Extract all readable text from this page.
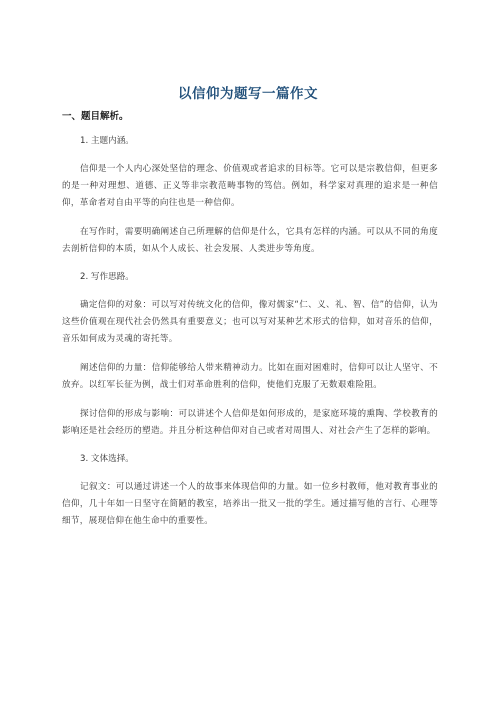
以信仰为题写一篇作文
一、题目解析。

1. 主题内涵。

信仰是一个人内心深处坚信的理念、价值观或者追求的目标等。它可以是宗教信仰，但更多的是一种对理想、道德、正义等非宗教范畴事物的笃信。例如，科学家对真理的追求是一种信仰，革命者对自由平等的向往也是一种信仰。

在写作时，需要明确阐述自己所理解的信仰是什么，它具有怎样的内涵。可以从不同的角度去剖析信仰的本质，如从个人成长、社会发展、人类进步等角度。

2. 写作思路。

确定信仰的对象：可以写对传统文化的信仰，像对儒家“仁、义、礼、智、信”的信仰，认为这些价值观在现代社会仍然具有重要意义；也可以写对某种艺术形式的信仰，如对音乐的信仰，音乐如何成为灵魂的寄托等。

阐述信仰的力量：信仰能够给人带来精神动力。比如在面对困难时，信仰可以让人坚守、不放弃。以红军长征为例，战士们对革命胜利的信仰，使他们克服了无数艰难险阻。

探讨信仰的形成与影响：可以讲述个人信仰是如何形成的，是家庭环境的熏陶、学校教育的影响还是社会经历的塑造。并且分析这种信仰对自己或者对周围人、对社会产生了怎样的影响。

3. 文体选择。

记叙文：可以通过讲述一个人的故事来体现信仰的力量。如一位乡村教师，他对教育事业的信仰，几十年如一日坚守在简陋的教室，培养出一批又一批的学生。通过描写他的言行、心理等细节，展现信仰在他生命中的重要性。
